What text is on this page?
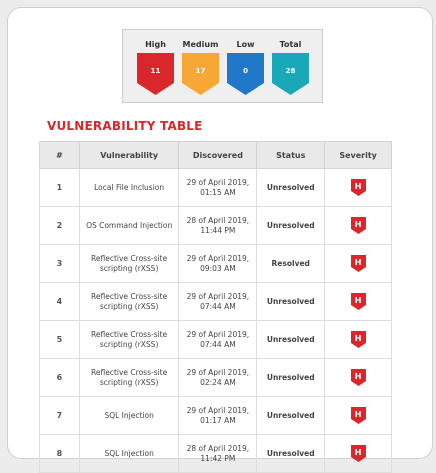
High
11
Medium
17
Low
0
Total
28
VULNERABILITY TABLE
#	Vulnerability	Discovered	Status	Severity
1	Local File Inclusion	29 of April 2019,
01:15 AM	Unresolved	H

2	OS Command Injection	28 of April 2019,
11:44 PM	Unresolved	H

3	Reflective Cross-site
scripting (rXSS)	29 of April 2019,
09:03 AM	Resolved	H

4	Reflective Cross-site
scripting (rXSS)	29 of April 2019,
07:44 AM	Unresolved	H

5	Reflective Cross-site
scripting (rXSS)	29 of April 2019,
07:44 AM	Unresolved	H

6	Reflective Cross-site
scripting (rXSS)	29 of April 2019,
02:24 AM	Unresolved	H

7	SQL Injection	29 of April 2019,
01:17 AM	Unresolved	H

8	SQL Injection	28 of April 2019,
11:42 PM	Unresolved	H
